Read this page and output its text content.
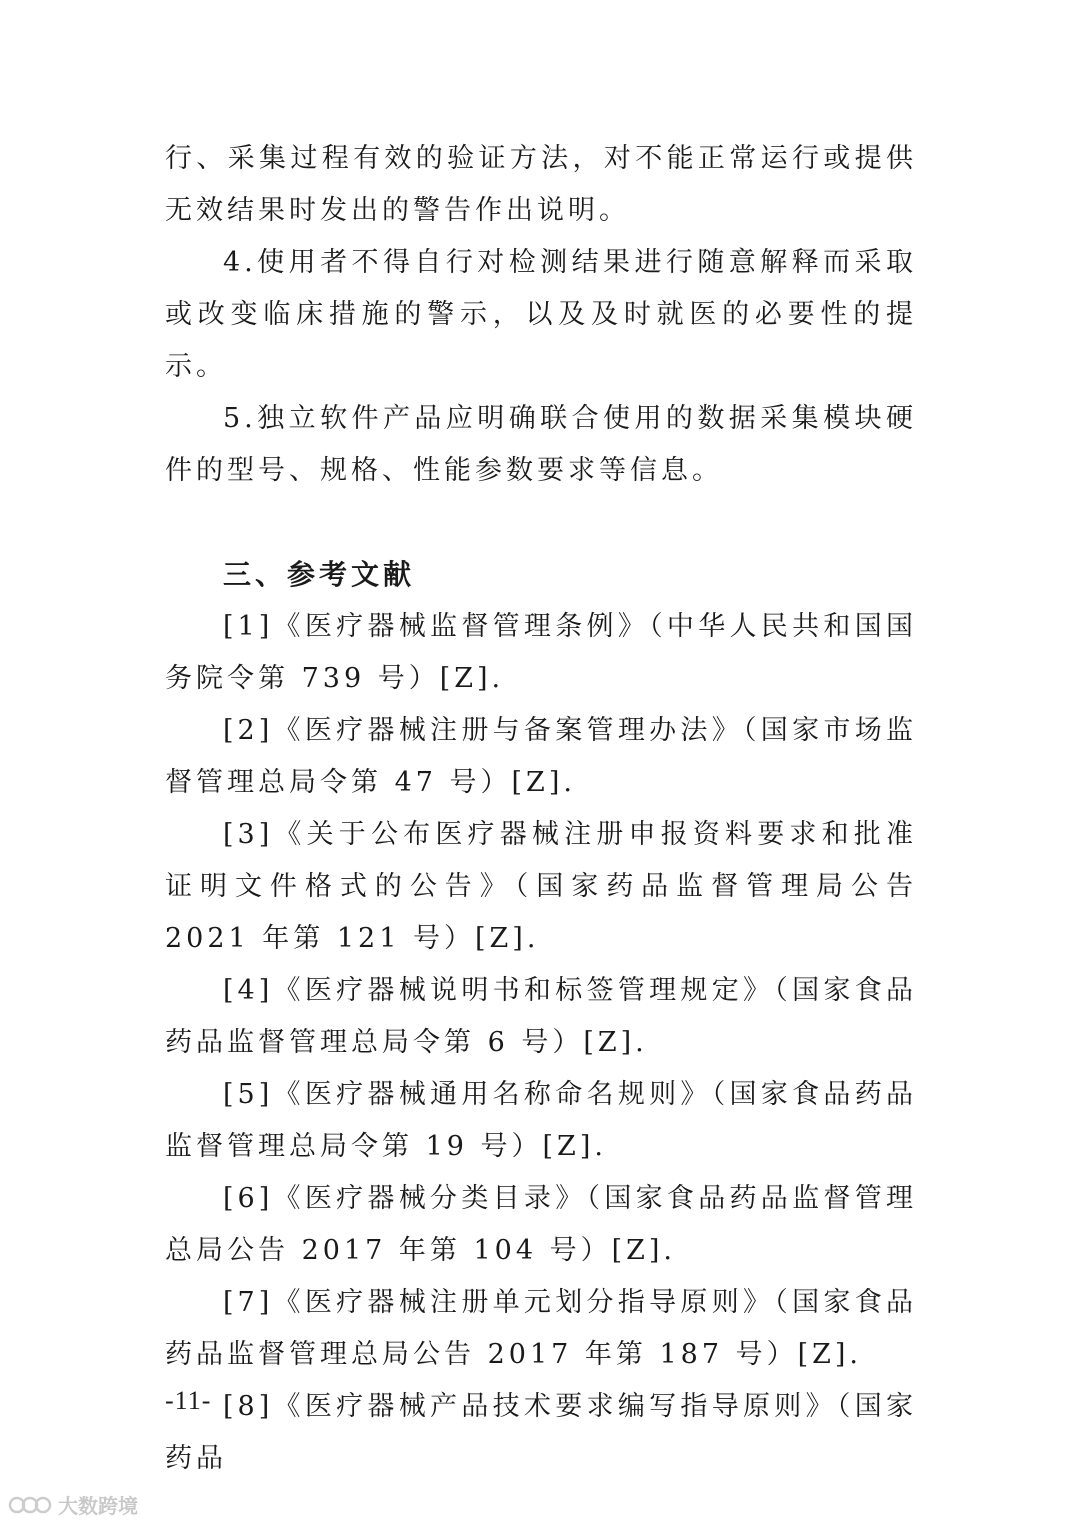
行、采集过程有效的验证方法，对不能正常运行或提供无效结果时发出的警告作出说明。

4.使用者不得自行对检测结果进行随意解释而采取或改变临床措施的警示，以及及时就医的必要性的提示。

5.独立软件产品应明确联合使用的数据采集模块硬件的型号、规格、性能参数要求等信息。

三、参考文献

[1]《医疗器械监督管理条例》（中华人民共和国国务院令第 739 号）[Z].

[2]《医疗器械注册与备案管理办法》（国家市场监督管理总局令第 47 号）[Z].

[3]《关于公布医疗器械注册申报资料要求和批准证明文件格式的公告》（国家药品监督管理局公告 2021 年第 121 号）[Z].

[4]《医疗器械说明书和标签管理规定》（国家食品药品监督管理总局令第 6 号）[Z].

[5]《医疗器械通用名称命名规则》（国家食品药品监督管理总局令第 19 号）[Z].

[6]《医疗器械分类目录》（国家食品药品监督管理总局公告 2017 年第 104 号）[Z].

[7]《医疗器械注册单元划分指导原则》（国家食品药品监督管理总局公告 2017 年第 187 号）[Z].

[8]《医疗器械产品技术要求编写指导原则》（国家药品

-11-
大数跨境
